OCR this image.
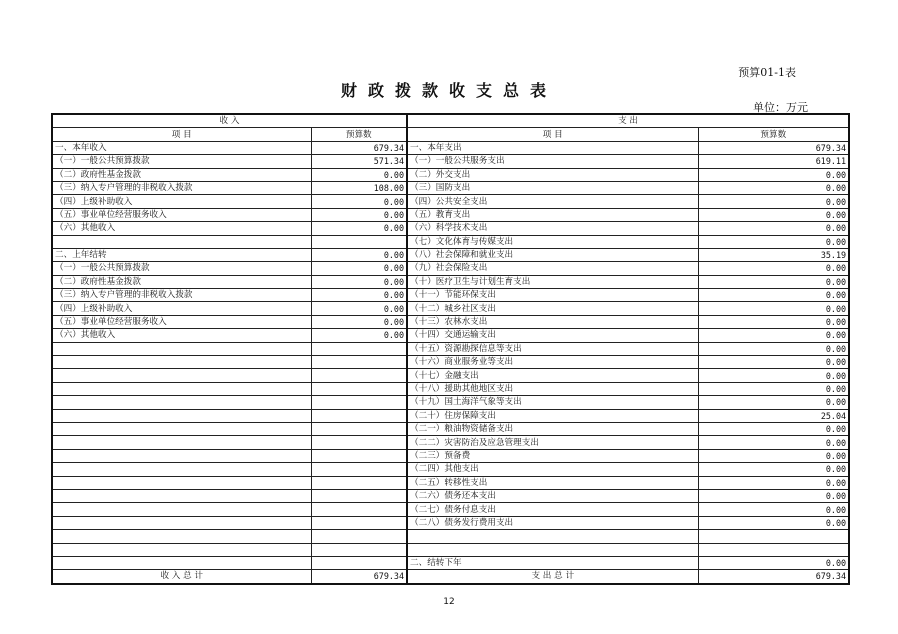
预算01-1表
财政拨款收支总表
单位：万元
收 入		支 出	
项 目	预算数	项 目	预算数
一、本年收入	679.34	一、本年支出	679.34
（一）一般公共预算拨款	571.34	（一）一般公共服务支出	619.11
（二）政府性基金拨款	0.00	（二）外交支出	0.00
（三）纳入专户管理的非税收入拨款	108.00	（三）国防支出	0.00
（四）上级补助收入	0.00	（四）公共安全支出	0.00
（五）事业单位经营服务收入	0.00	（五）教育支出	0.00
（六）其他收入	0.00	（六）科学技术支出	0.00
		（七）文化体育与传媒支出	0.00
二、上年结转	0.00	（八）社会保障和就业支出	35.19
（一）一般公共预算拨款	0.00	（九）社会保险支出	0.00
（二）政府性基金拨款	0.00	（十）医疗卫生与计划生育支出	0.00
（三）纳入专户管理的非税收入拨款	0.00	（十一）节能环保支出	0.00
（四）上级补助收入	0.00	（十二）城乡社区支出	0.00
（五）事业单位经营服务收入	0.00	（十三）农林水支出	0.00
（六）其他收入	0.00	（十四）交通运输支出	0.00
		（十五）资源勘探信息等支出	0.00
		（十六）商业服务业等支出	0.00
		（十七）金融支出	0.00
		（十八）援助其他地区支出	0.00
		（十九）国土海洋气象等支出	0.00
		（二十）住房保障支出	25.04
		（二一）粮油物资储备支出	0.00
		（二二）灾害防治及应急管理支出	0.00
		（二三）预备费	0.00
		（二四）其他支出	0.00
		（二五）转移性支出	0.00
		（二六）债务还本支出	0.00
		（二七）债务付息支出	0.00
		（二八）债务发行费用支出	0.00

		二、结转下年	0.00
收 入 总 计	679.34	支 出 总 计	679.34
12
